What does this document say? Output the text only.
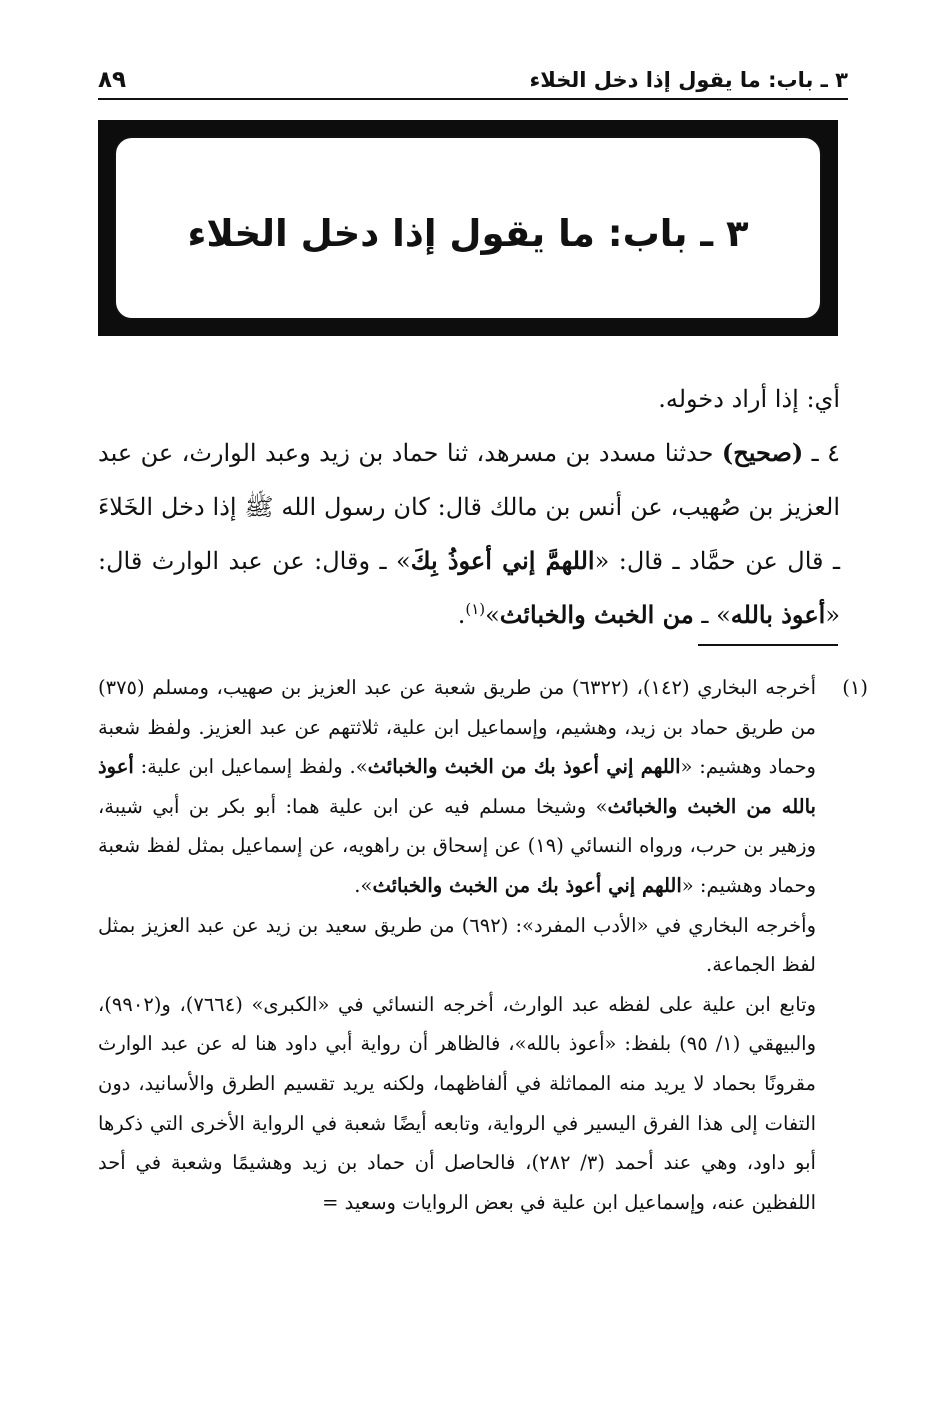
٣ ـ باب: ما يقول إذا دخل الخلاء
٨٩
٣ ـ باب: ما يقول إذا دخل الخلاء

أي: إذا أراد دخوله.

٤ ـ (صحيح) حدثنا مسدد بن مسرهد، ثنا حماد بن زيد وعبد الوارث، عن عبد العزيز بن صُهيب، عن أنس بن مالك قال: كان رسول الله ﷺ إذا دخل الخَلاءَ ـ قال عن حمَّاد ـ قال: «اللهمَّ إني أعوذُ بِكَ» ـ وقال: عن عبد الوارث قال: «أعوذ بالله» ـ من الخبث والخبائث»$^{(١)}$.

(١)

أخرجه البخاري (١٤٢)، (٦٣٢٢) من طريق شعبة عن عبد العزيز بن صهيب، ومسلم (٣٧٥) من طريق حماد بن زيد، وهشيم، وإسماعيل ابن علية، ثلاثتهم عن عبد العزيز. ولفظ شعبة وحماد وهشيم: «اللهم إني أعوذ بك من الخبث والخبائث». ولفظ إسماعيل ابن علية: أعوذ بالله من الخبث والخبائث» وشيخا مسلم فيه عن ابن علية هما: أبو بكر بن أبي شيبة، وزهير بن حرب، ورواه النسائي (١٩) عن إسحاق بن راهويه، عن إسماعيل بمثل لفظ شعبة وحماد وهشيم: «اللهم إني أعوذ بك من الخبث والخبائث».

وأخرجه البخاري في «الأدب المفرد»: (٦٩٢) من طريق سعيد بن زيد عن عبد العزيز بمثل لفظ الجماعة.

وتابع ابن علية على لفظه عبد الوارث، أخرجه النسائي في «الكبرى» (٧٦٦٤)، و(٩٩٠٢)، والبيهقي (١/ ٩٥) بلفظ: «أعوذ بالله»، فالظاهر أن رواية أبي داود هنا له عن عبد الوارث مقرونًا بحماد لا يريد منه المماثلة في ألفاظهما، ولكنه يريد تقسيم الطرق والأسانيد، دون التفات إلى هذا الفرق اليسير في الرواية، وتابعه أيضًا شعبة في الرواية الأخرى التي ذكرها أبو داود، وهي عند أحمد (٣/ ٢٨٢)، فالحاصل أن حماد بن زيد وهشيمًا وشعبة في أحد اللفظين عنه، وإسماعيل ابن علية في بعض الروايات وسعيد =
